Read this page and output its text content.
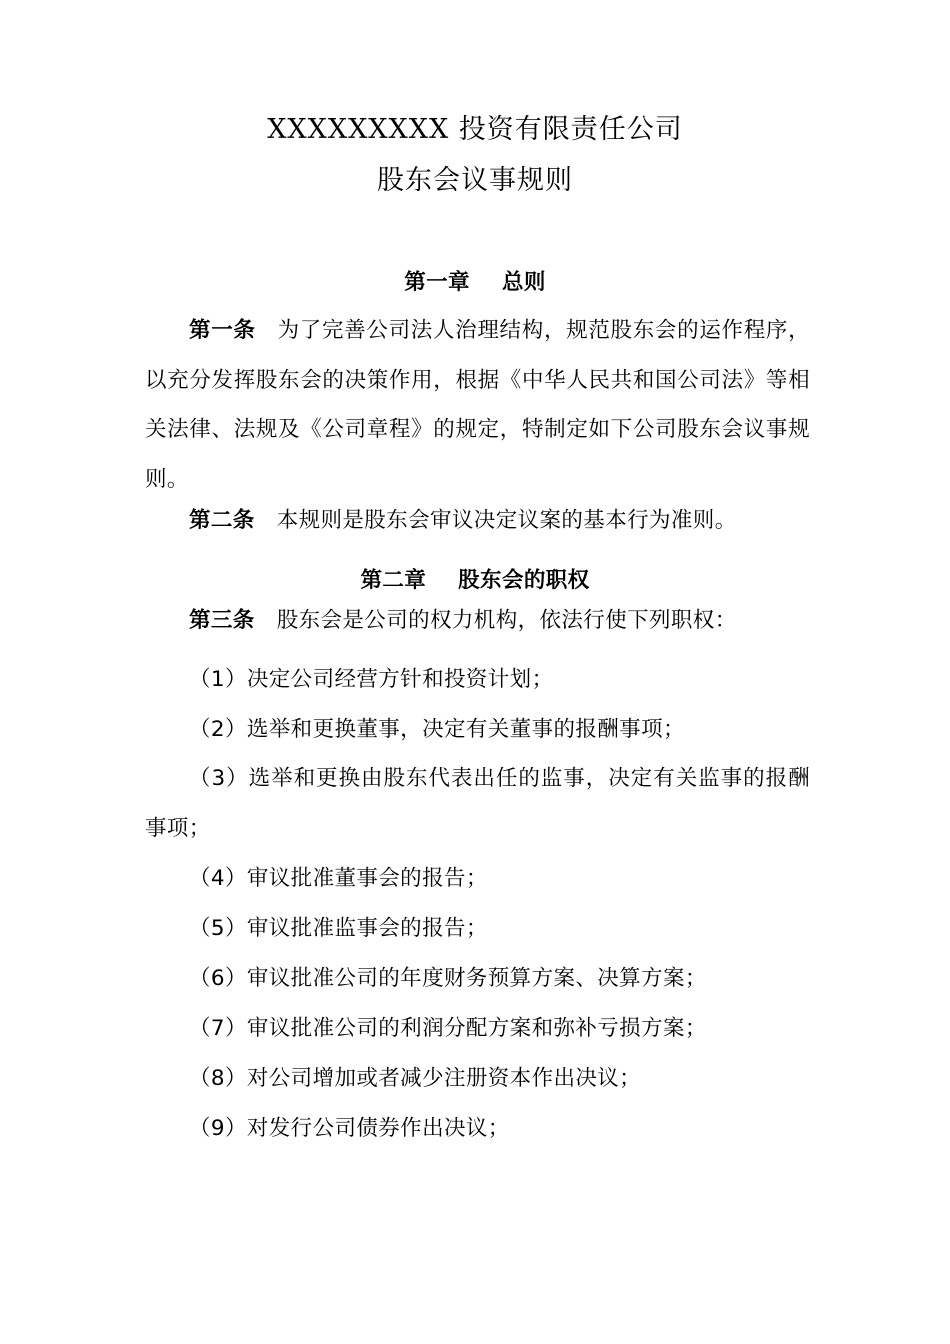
XXXXXXXXX 投资有限责任公司
股东会议事规则
第一章 总则
第一条 为了完善公司法人治理结构，规范股东会的运作程序，以充分发挥股东会的决策作用，根据《中华人民共和国公司法》等相关法律、法规及《公司章程》的规定，特制定如下公司股东会议事规则。
第二条 本规则是股东会审议决定议案的基本行为准则。
第二章 股东会的职权
第三条 股东会是公司的权力机构，依法行使下列职权：
（1）决定公司经营方针和投资计划；
（2）选举和更换董事，决定有关董事的报酬事项；
（3）选举和更换由股东代表出任的监事，决定有关监事的报酬事项；
（4）审议批准董事会的报告；
（5）审议批准监事会的报告；
（6）审议批准公司的年度财务预算方案、决算方案；
（7）审议批准公司的利润分配方案和弥补亏损方案；
（8）对公司增加或者减少注册资本作出决议；
（9）对发行公司债券作出决议；
